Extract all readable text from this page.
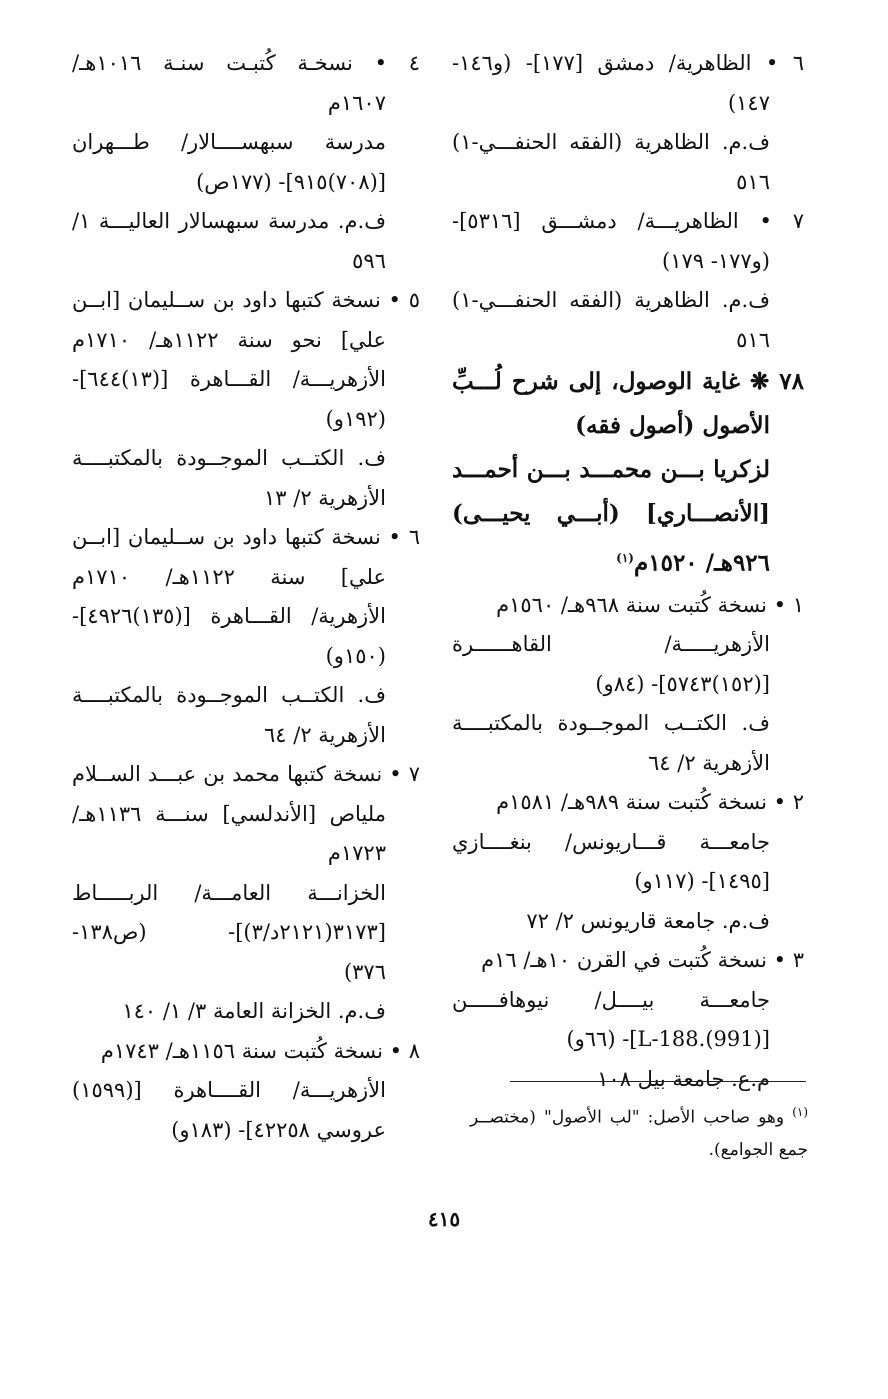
٦ • الظاهرية/ دمشق [١٧٧]- (و١٤٦-
١٤٧)
ف.م. الظاهرية (الفقه الحنفـــي-١)
٥١٦
٧ • الظاهريـــة/ دمشـــق [٥٣١٦]-
(و١٧٧- ١٧٩)
ف.م. الظاهرية (الفقه الحنفـــي-١)
٥١٦
٧٨ ❋ غاية الوصول، إلى شرح لُـــبِّ
الأصول (أصول فقه)
لزكريا بـــن محمـــد بـــن أحمـــد
[الأنصـــاري] (أبـــي يحيـــى)
٩٢٦هـ/ ١٥٢٠م$^{(١)}$
١ • نسخة كُتبت سنة ٩٦٨هـ/ ١٥٦٠م
الأزهريـــــة/ القاهــــــرة
[(١٥٢)٥٧٤٣]- (٨٤و)
ف. الكتــب الموجــودة بالمكتبــــة
الأزهرية ٢/ ٦٤
٢ • نسخة كُتبت سنة ٩٨٩هـ/ ١٥٨١م
جامعـــة قـــاريونس/ بنغــــازي
[١٤٩٥]- (١١٧و)
ف.م. جامعة قاريونس ٢/ ٧٢
٣ • نسخة كُتبت في القرن ١٠هـ/ ١٦م
جامعـــة بيــــل/ نيوهافـــــن
[L-188.(991)]- (٦٦و)
م.ع. جامعة بيل ١٠٨
٤ • نسخـة كُتبـت سنـة ١٠١٦هـ/
١٦٠٧م
مدرسة سبهســــالار/ طـــهران
[(٧٠٨)٩١٥]- (١٧٧ص)
ف.م. مدرسة سبهسالار العاليـــة ١/
٥٩٦
٥ • نسخة كتبها داود بن ســليمان [ابــن
علي] نحو سنة ١١٢٢هـ/ ١٧١٠م
الأزهريـــة/ القـــاهرة [(١٣)٦٤٤]-
(١٩٢و)
ف. الكتــب الموجــودة بالمكتبــــة
الأزهرية ٢/ ١٣
٦ • نسخة كتبها داود بن ســليمان [ابــن
علي] سنة ١١٢٢هـ/ ١٧١٠م
الأزهرية/ القـــاهرة [(١٣٥)٤٩٢٦]-
(١٥٠و)
ف. الكتــب الموجــودة بالمكتبــــة
الأزهرية ٢/ ٦٤
٧ • نسخة كتبها محمد بن عبـــد الســلام
ملياص [الأندلسي] سنـــة ١١٣٦هـ/
١٧٢٣م
الخزانـــة العامـــة/ الربـــــاط
[٣١٧٣(٢١٢١د/٣)]- (ص١٣٨-
٣٧٦)
ف.م. الخزانة العامة ٣/ ١/ ١٤٠
٨ • نسخة كُتبت سنة ١١٥٦هـ/ ١٧٤٣م
الأزهريـــة/ القــــاهرة [(١٥٩٩)
عروسي ٤٢٢٥٨]- (١٨٣و)
$^{(١)}$ وهو صاحب الأصل: "لب الأصول" (مختصــر
جمع الجوامع).
٤١٥
